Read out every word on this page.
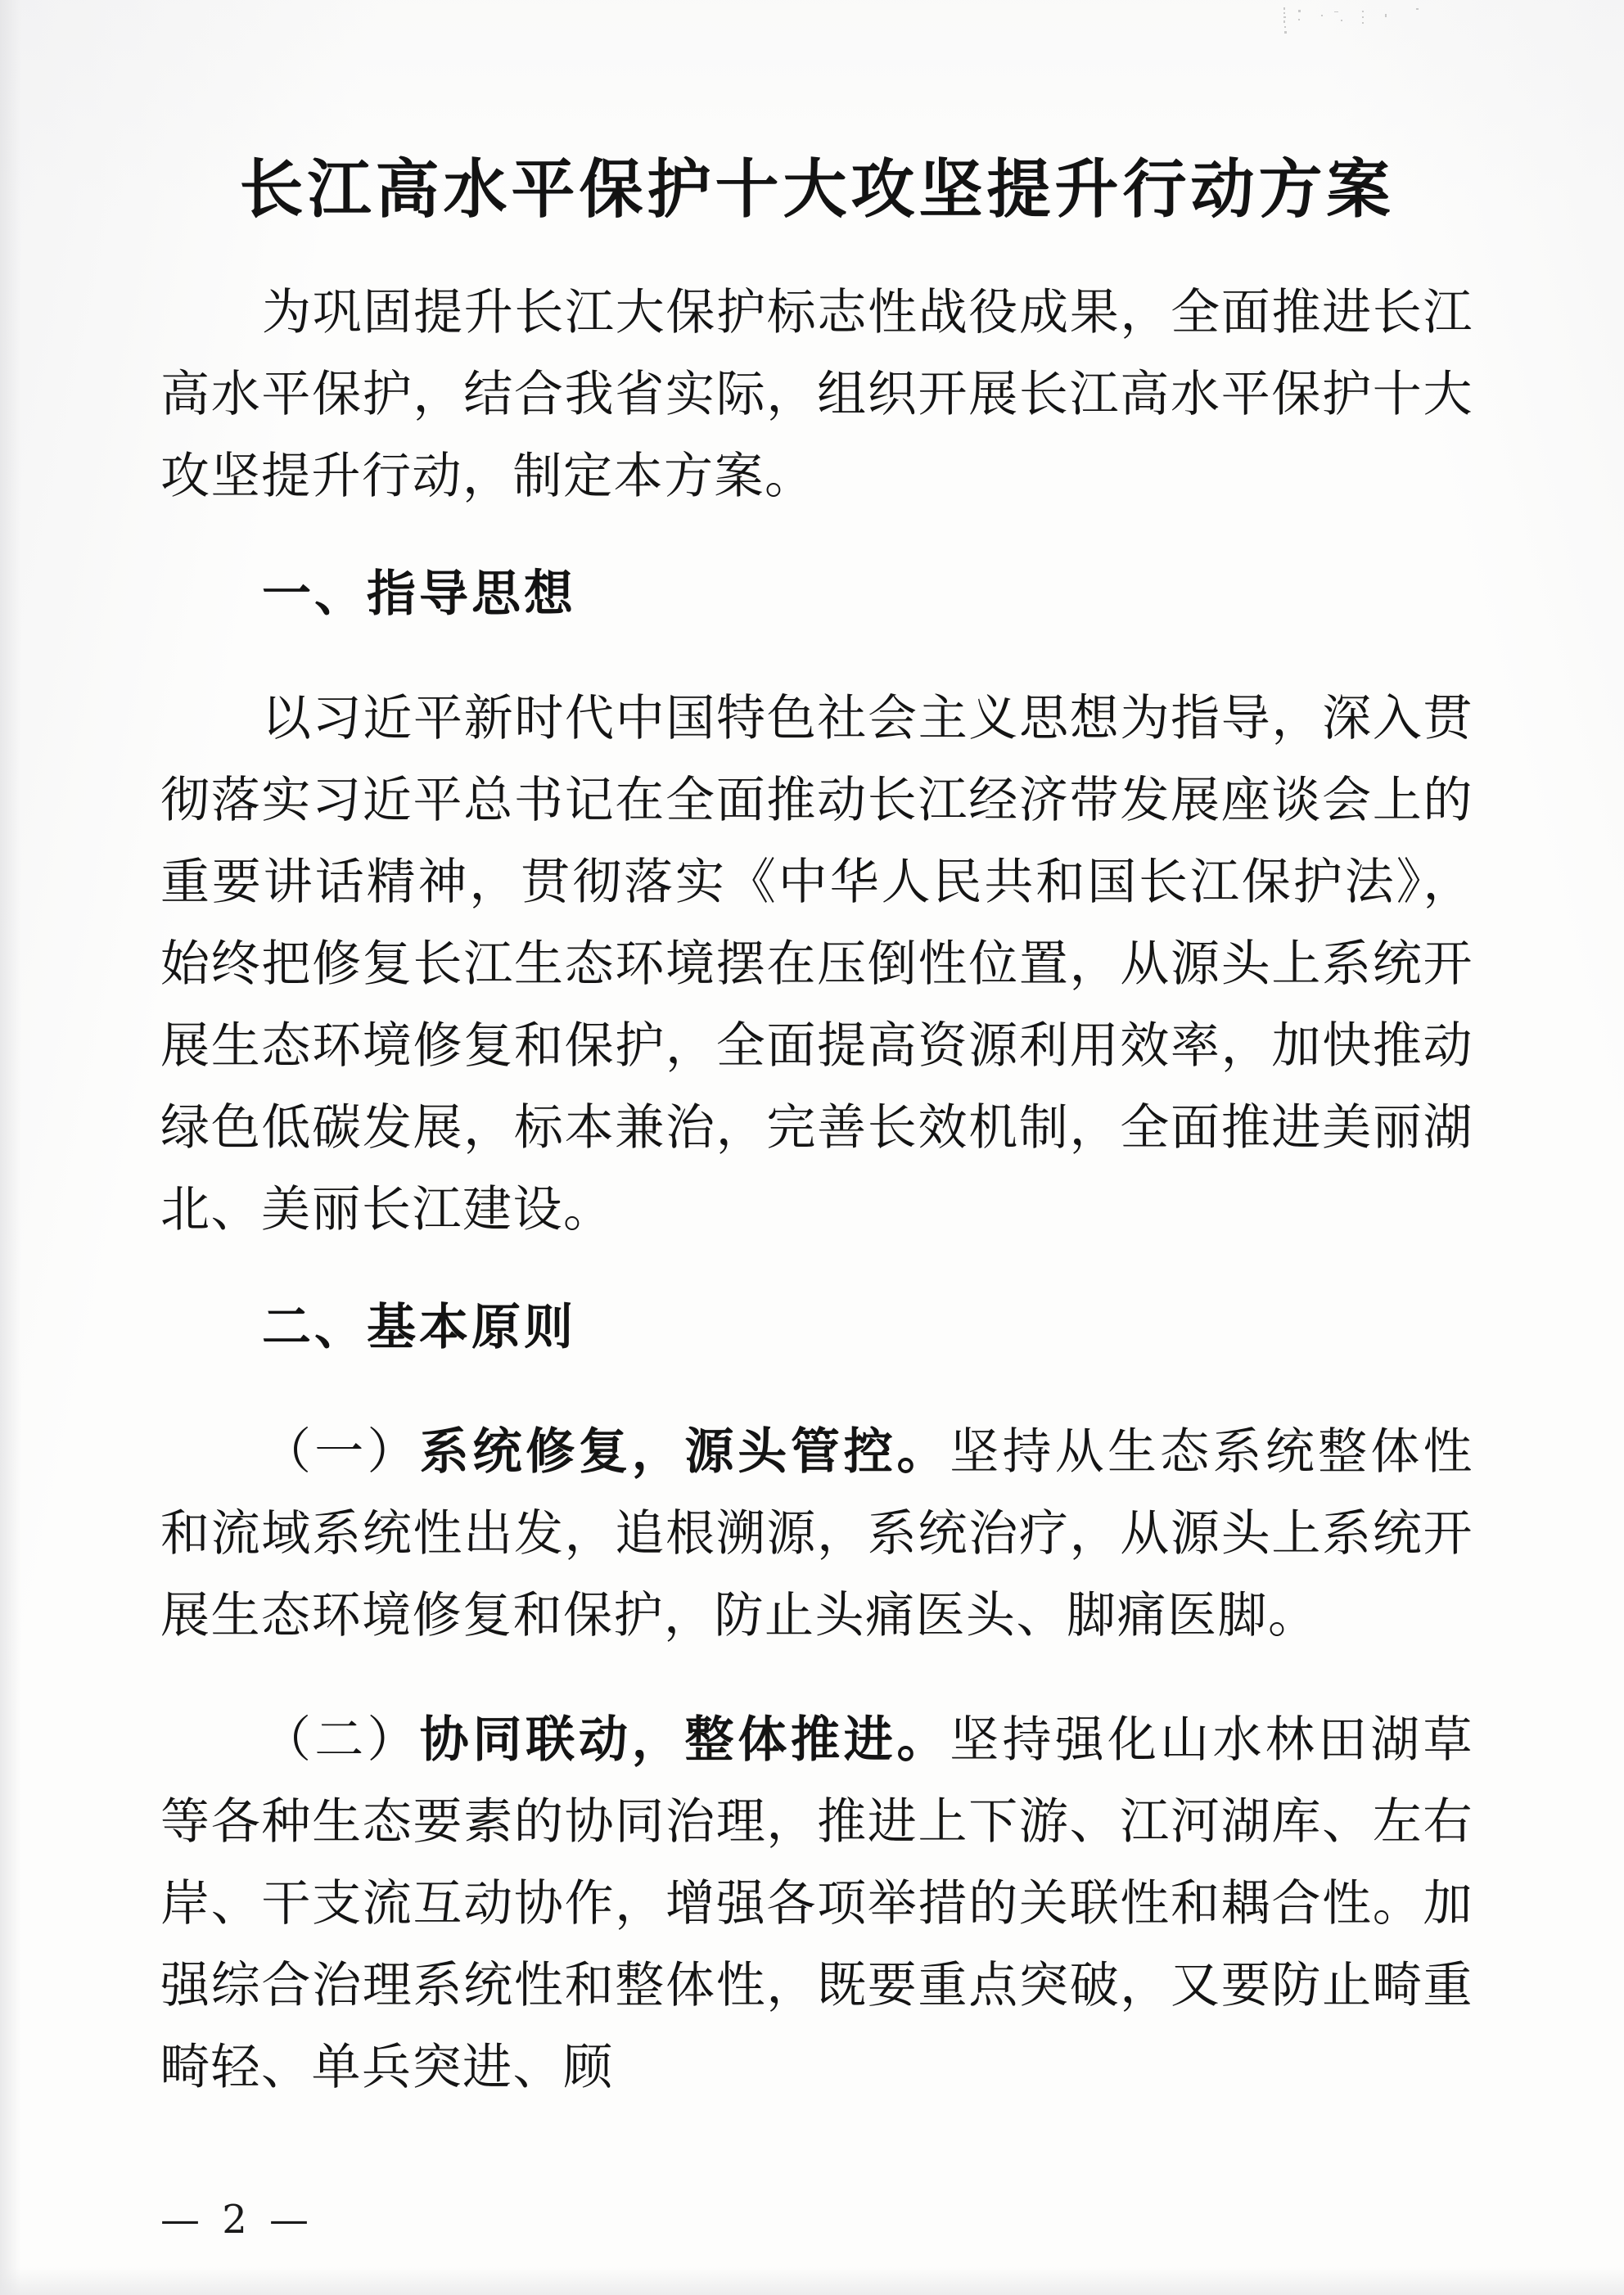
长江高水平保护十大攻坚提升行动方案

为巩固提升长江大保护标志性战役成果，全面推进长江高水平保护，结合我省实际，组织开展长江高水平保护十大攻坚提升行动，制定本方案。

一、指导思想

以习近平新时代中国特色社会主义思想为指导，深入贯彻落实习近平总书记在全面推动长江经济带发展座谈会上的重要讲话精神，贯彻落实《中华人民共和国长江保护法》，始终把修复长江生态环境摆在压倒性位置，从源头上系统开展生态环境修复和保护，全面提高资源利用效率，加快推动绿色低碳发展，标本兼治，完善长效机制，全面推进美丽湖北、美丽长江建设。

二、基本原则

（一）系统修复，源头管控。坚持从生态系统整体性和流域系统性出发，追根溯源，系统治疗，从源头上系统开展生态环境修复和保护，防止头痛医头、脚痛医脚。

（二）协同联动，整体推进。坚持强化山水林田湖草等各种生态要素的协同治理，推进上下游、江河湖库、左右岸、干支流互动协作，增强各项举措的关联性和耦合性。加强综合治理系统性和整体性，既要重点突破，又要防止畸重畸轻、单兵突进、顾

— 2 —
